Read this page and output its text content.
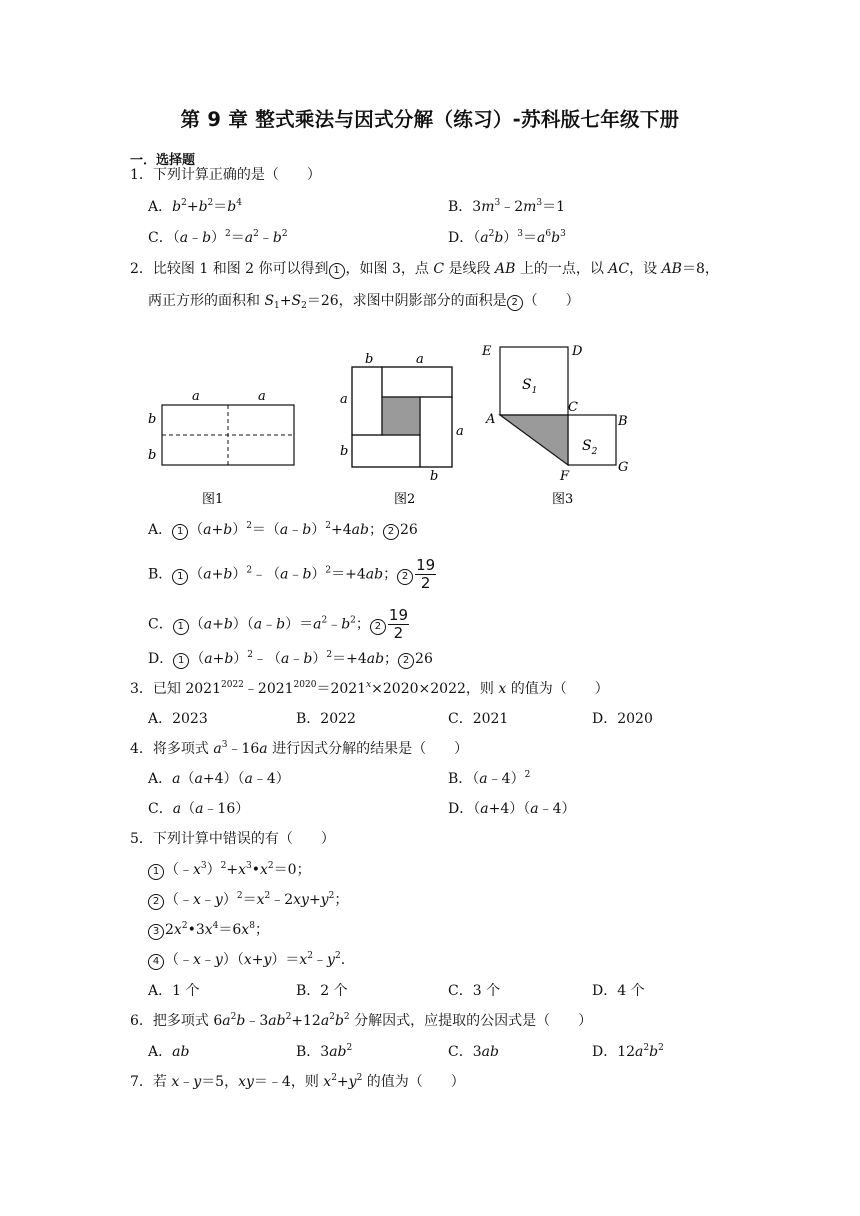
第 9 章 整式乘法与因式分解（练习）-苏科版七年级下册
一．选择题
1．下列计算正确的是（　　）
A．$b^2+b^2=b^4$	B．$3m^3﹣2m^3=1$
C．$(a﹣b)^2=a^2﹣b^2$	D．$(a^2b)^3=a^6b^3$
2．比较图 1 和图 2 你可以得到 1 ，如图 3，点 C 是线段 AB 上的一点，以 AC，设 AB＝8，
两正方形的面积和 $S_1+S_2=26$，求图中阴影部分的面积是 2 （　　）
a	a
b
b
图1
b	a
a
a
b
b
图2
E	D
$S_1$
A
C
B
$S_2$
F
G
图3
A． 1 $(a+b)^2=(a﹣b)^2+4ab$； 2 26
B． 1 $(a+b)^2﹣(a﹣b)^2=+4ab$； $2 \frac{19}{2}$
C． 1 $(a+b)(a﹣b)=a^2﹣b^2$； $2 \frac{19}{2}$
D． 1 $(a+b)^2﹣(a﹣b)^2=+4ab$； 2 26
3．已知 $2021^{2022}﹣2021^{2020}=2021^x\times 2020\times 2022$，则 x 的值为（　　）
A．2023	B．2022	C．2021	D．2020
4．将多项式 $a^3﹣16a$ 进行因式分解的结果是（　　）
A．a（a+4）（a﹣4）	B．（a﹣4）$^2$
C．a（a﹣16）	D．（a+4）（a﹣4）
5．下列计算中错误的有（　　）
1 $(﹣x^3)^2+x^3•x^2=0$；
2 $(﹣x﹣y)^2=x^2﹣2xy+y^2$；
3 $2x^2•3x^4=6x^8$；
4 $(﹣x﹣y)(x+y)=x^2﹣y^2$.
A．1 个	B．2 个	C．3 个	D．4 个
6．把多项式 $6a^2b﹣3ab^2+12a^2b^2$ 分解因式，应提取的公因式是（　　）
A．ab	B．$3ab^2$	C．3ab	D．$12a^2b^2$
7．若 x﹣y＝5，xy＝﹣4，则 $x^2+y^2$ 的值为（　　）
